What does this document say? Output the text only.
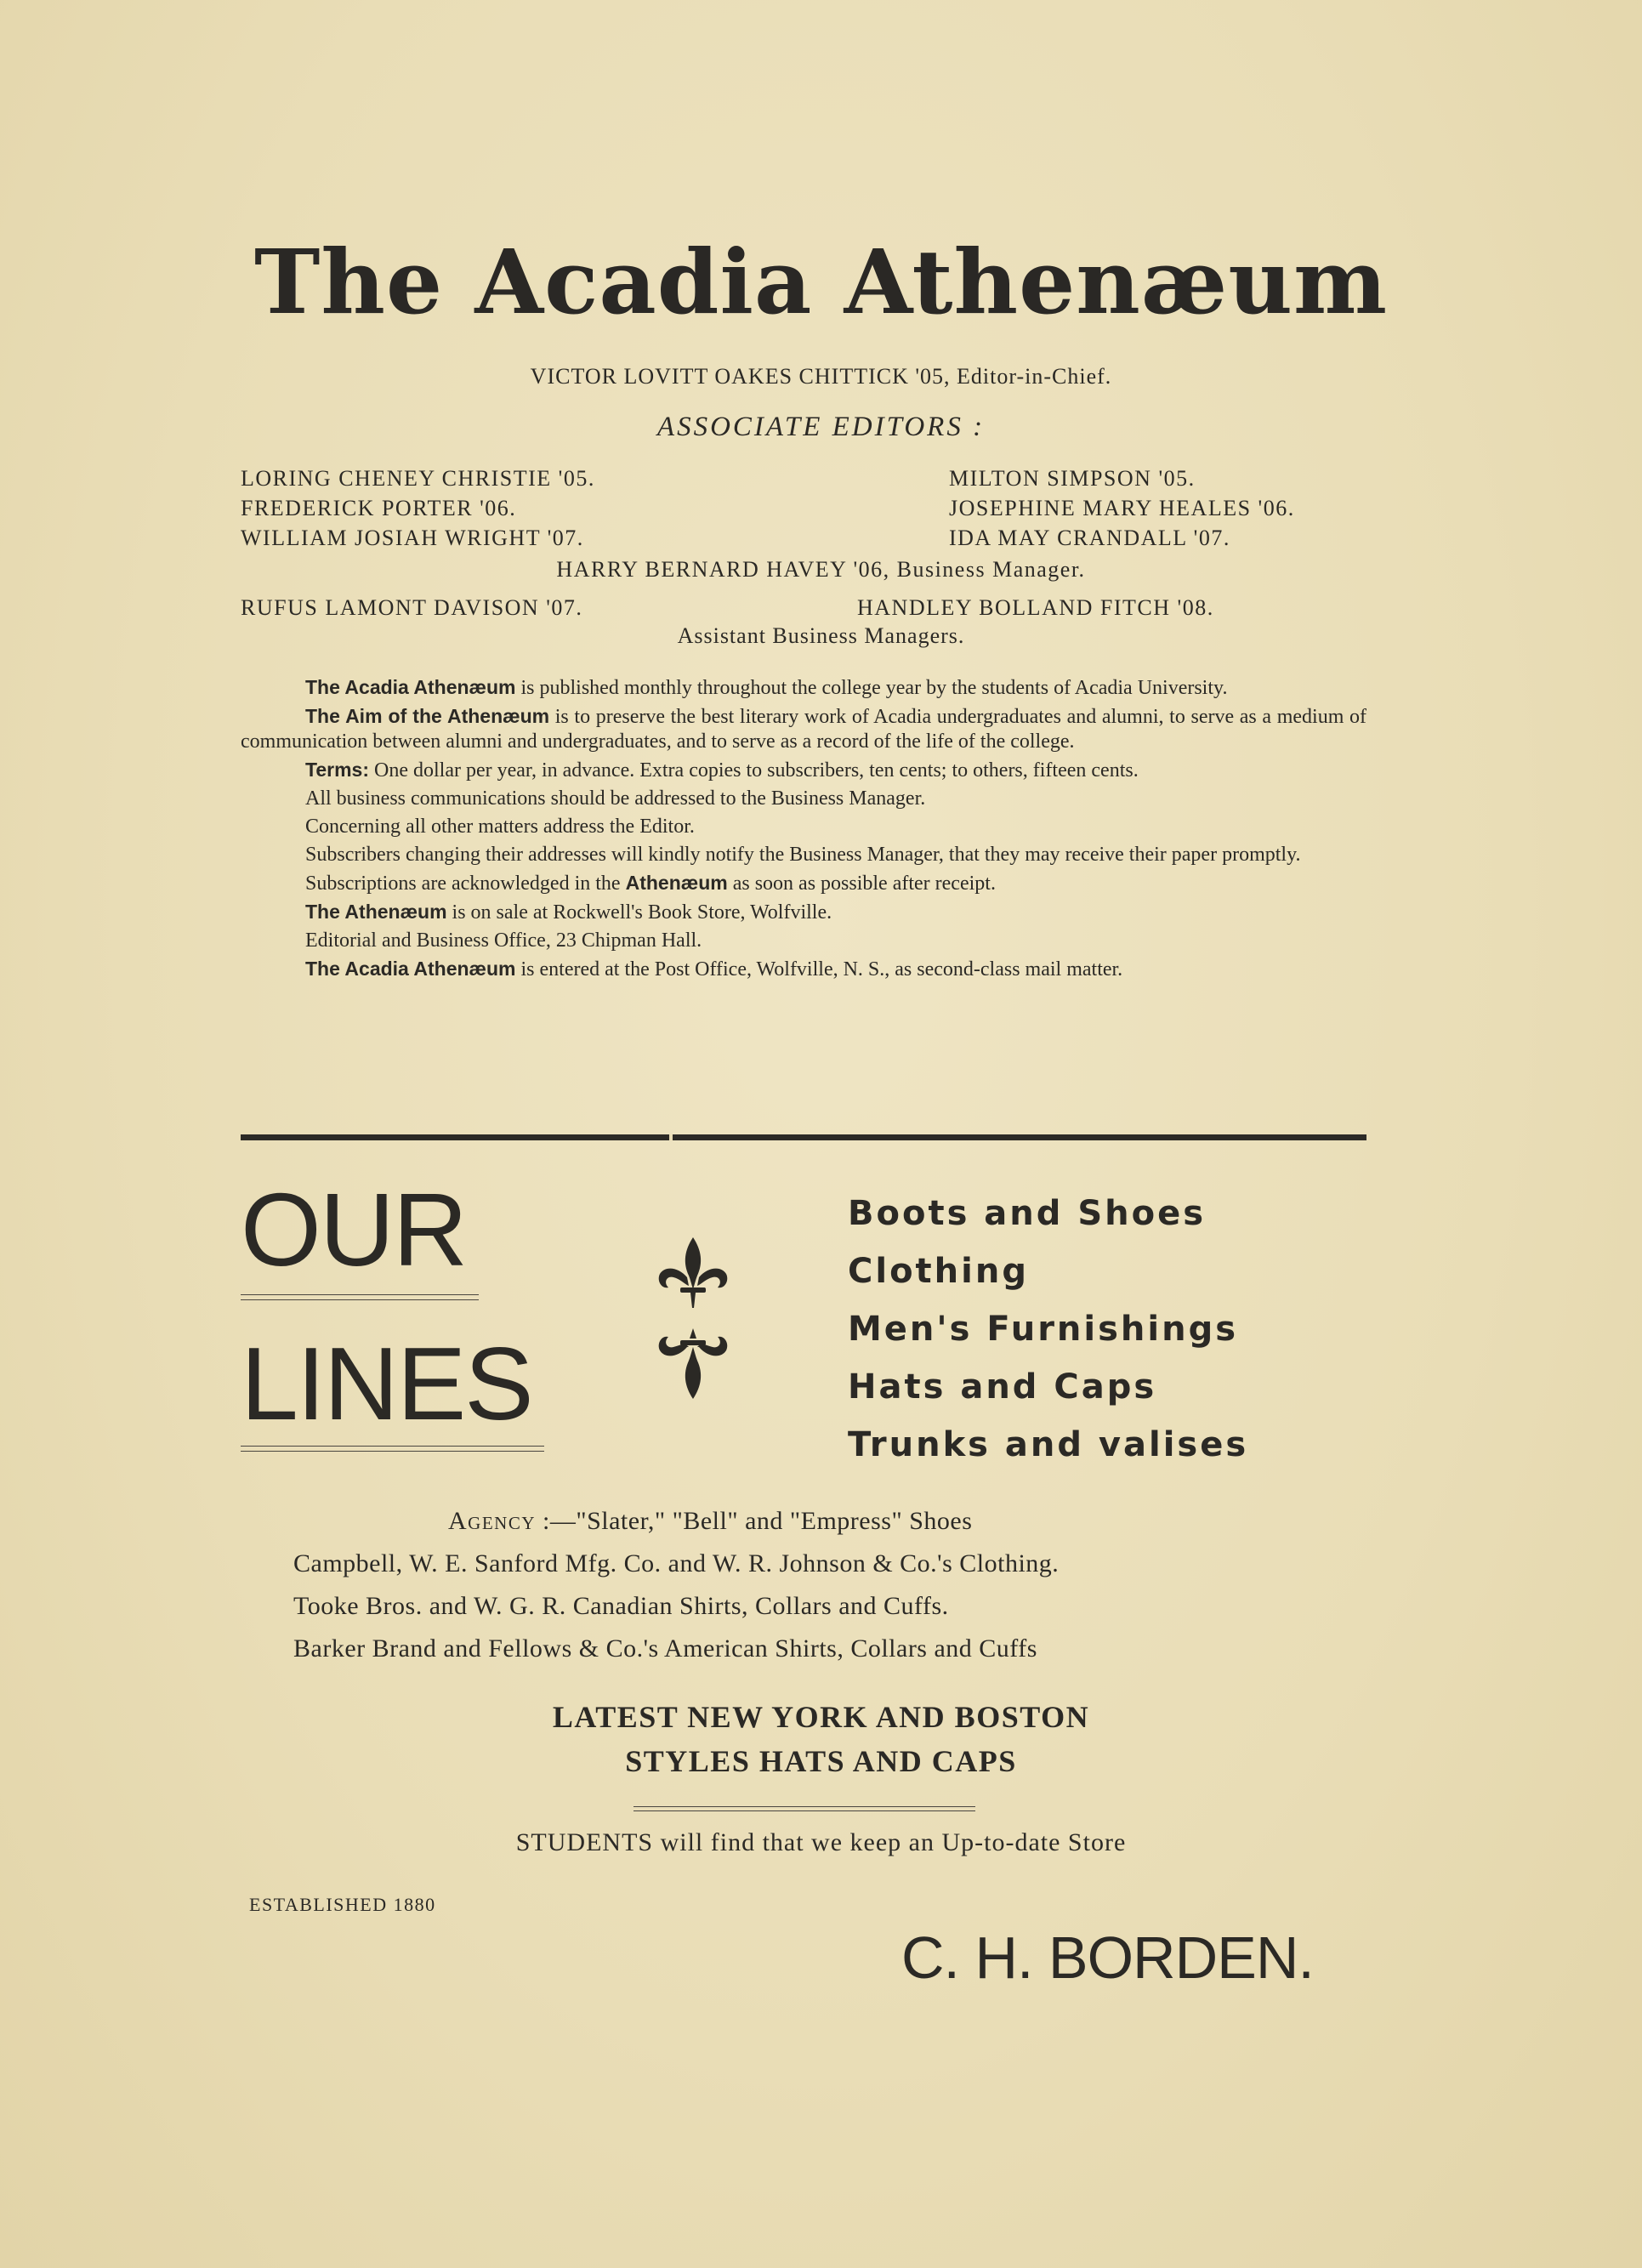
The Acadia Athenæum
VICTOR LOVITT OAKES CHITTICK '05, Editor-in-Chief.
ASSOCIATE EDITORS :
LORING CHENEY CHRISTIE '05.
FREDERICK PORTER '06.
WILLIAM JOSIAH WRIGHT '07.
MILTON SIMPSON '05.
JOSEPHINE MARY HEALES '06.
IDA MAY CRANDALL '07.
HARRY BERNARD HAVEY '06, Business Manager.
RUFUS LAMONT DAVISON '07.	HANDLEY BOLLAND FITCH '08.
Assistant Business Managers.

The Acadia Athenæum is published monthly throughout the college year by the students of Acadia University.

The Aim of the Athenæum is to preserve the best literary work of Acadia undergraduates and alumni, to serve as a medium of communication between alumni and undergraduates, and to serve as a record of the life of the college.

Terms: One dollar per year, in advance. Extra copies to subscribers, ten cents; to others, fifteen cents.

All business communications should be addressed to the Business Manager.

Concerning all other matters address the Editor.

Subscribers changing their addresses will kindly notify the Business Manager, that they may receive their paper promptly.

Subscriptions are acknowledged in the Athenæum as soon as possible after receipt.

The Athenæum is on sale at Rockwell's Book Store, Wolfville.

Editorial and Business Office, 23 Chipman Hall.

The Acadia Athenæum is entered at the Post Office, Wolfville, N. S., as second-class mail matter.

OUR
LINES
Boots and Shoes
Clothing
Men's Furnishings
Hats and Caps
Trunks and valises
Agency :—"Slater," "Bell" and "Empress" Shoes
Campbell, W. E. Sanford Mfg. Co. and W. R. Johnson & Co.'s Clothing.
Tooke Bros. and W. G. R. Canadian Shirts, Collars and Cuffs.
Barker Brand and Fellows & Co.'s American Shirts, Collars and Cuffs
LATEST NEW YORK AND BOSTON
STYLES HATS AND CAPS
STUDENTS will find that we keep an Up-to-date Store
ESTABLISHED 1880
C. H. BORDEN.
